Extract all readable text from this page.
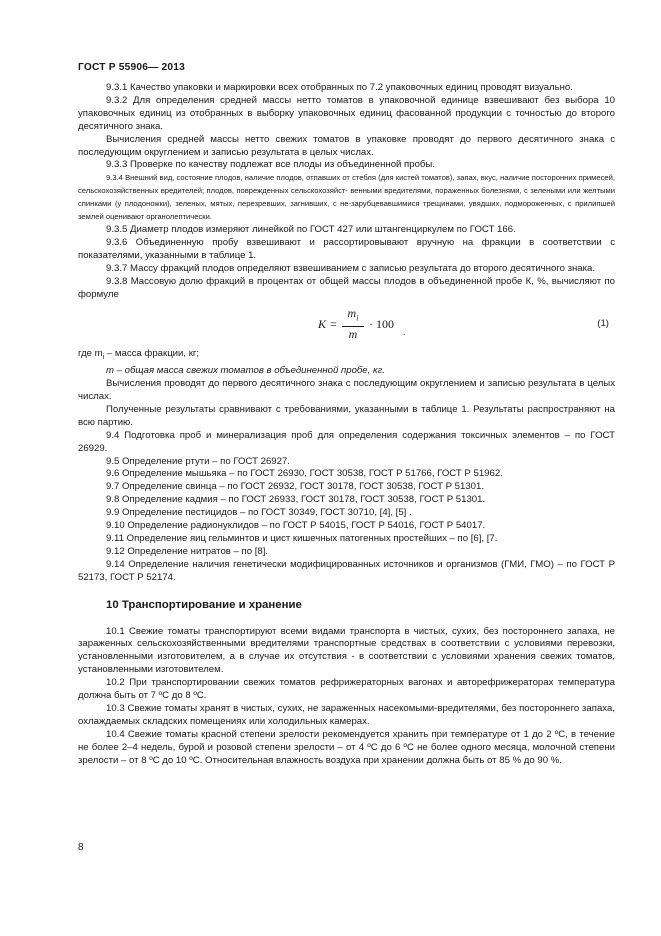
ГОСТ Р 55906— 2013

9.3.1 Качество упаковки и маркировки всех отобранных по 7.2 упаковочных единиц проводят визуально.

9.3.2 Для определения средней массы нетто томатов в упаковочной единице взвешивают без выбора 10 упаковочных единиц из отобранных в выборку упаковочных единиц фасованной продукции с точностью до второго десятичного знака.

Вычисления средней массы нетто свежих томатов в упаковке проводят до первого десятичного знака с последующим округлением и записью результата в целых числах.

9.3.3 Проверке по качеству подлежат все плоды из объединенной пробы.

9.3.4 Внешний вид, состояние плодов, наличие плодов, отпавших от стебля (для кистей томатов), запах, вкус, наличие посторонних примесей, сельскохозяйственных вредителей; плодов, поврежденных сельскохозяйст- венными вредителями, пораженных болезнями, с зелеными или желтыми спинками (у плодоножки), зеленых, мятых, перезревших, загнивших, с не-зарубцевавшимися трещинами, увядших, подмороженных, с прилипшей землей оценивают органолептически.

9.3.5 Диаметр плодов измеряют линейкой по ГОСТ 427 или штангенциркулем по ГОСТ 166.

9.3.6 Объединенную пробу взвешивают и рассортировывают вручную на фракции в соответствии с показателями, указанными в таблице 1.

9.3.7 Массу фракций плодов определяют взвешиванием с записью результата до второго десятичного знака.

9.3.8 Массовую долю фракций в процентах от общей массы плодов в объединенной пробе К, %, вычисляют по формуле

$K = \frac{m_i}{m} \cdot 100$
.
(1)

где $m_i$ – масса фракции, кг;

m – общая масса свежих томатов в объединенной пробе, кг.

Вычисления проводят до первого десятичного знака с последующим округлением и записью результата в целых числах.

Полученные результаты сравнивают с требованиями, указанными в таблице 1. Результаты распространяют на всю партию.

9.4 Подготовка проб и минерализация проб для определения содержания токсичных элементов – по ГОСТ 26929.

9.5 Определение ртути – по ГОСТ 26927.

9.6 Определение мышьяка – по ГОСТ 26930, ГОСТ 30538, ГОСТ Р 51766, ГОСТ Р 51962.

9.7 Определение свинца – по ГОСТ 26932, ГОСТ 30178, ГОСТ 30538, ГОСТ Р 51301.

9.8 Определение кадмия – по ГОСТ 26933, ГОСТ 30178, ГОСТ 30538, ГОСТ Р 51301.

9.9 Определение пестицидов – по ГОСТ 30349, ГОСТ 30710, [4], [5] .

9.10 Определение радионуклидов – по ГОСТ Р 54015, ГОСТ Р 54016, ГОСТ Р 54017.

9.11 Определение яиц гельминтов и цист кишечных патогенных простейших – по [6], [7.

9.12 Определение нитратов – по [8].

9.14 Определение наличия генетически модифицированных источников и организмов (ГМИ, ГМО) – по ГОСТ Р 52173, ГОСТ Р 52174.

10 Транспортирование и хранение

10.1 Свежие томаты транспортируют всеми видами транспорта в чистых, сухих, без постороннего запаха, не зараженных сельскохозяйственными вредителями транспортные средствах в соответствии с условиями перевозки, установленными изготовителем, а в случае их отсутствия - в соответствии с условиями хранения свежих томатов, установленными изготовителем.

10.2 При транспортировании свежих томатов рефрижераторных вагонах и авторефрижераторах температура должна быть от 7 ºС до 8 ºС.

10.3 Свежие томаты хранят в чистых, сухих, не зараженных насекомыми-вредителями, без постороннего запаха, охлаждаемых складских помещениях или холодильных камерах.

10.4 Свежие томаты красной степени зрелости рекомендуется хранить при температуре от 1 до 2 ºС, в течение не более 2–4 недель, бурой и розовой степени зрелости – от 4 ºС до 6 ºС не более одного месяца, молочной степени зрелости – от 8 ºС до 10 ºС. Относительная влажность воздуха при хранении должна быть от 85 % до 90 %.

8
